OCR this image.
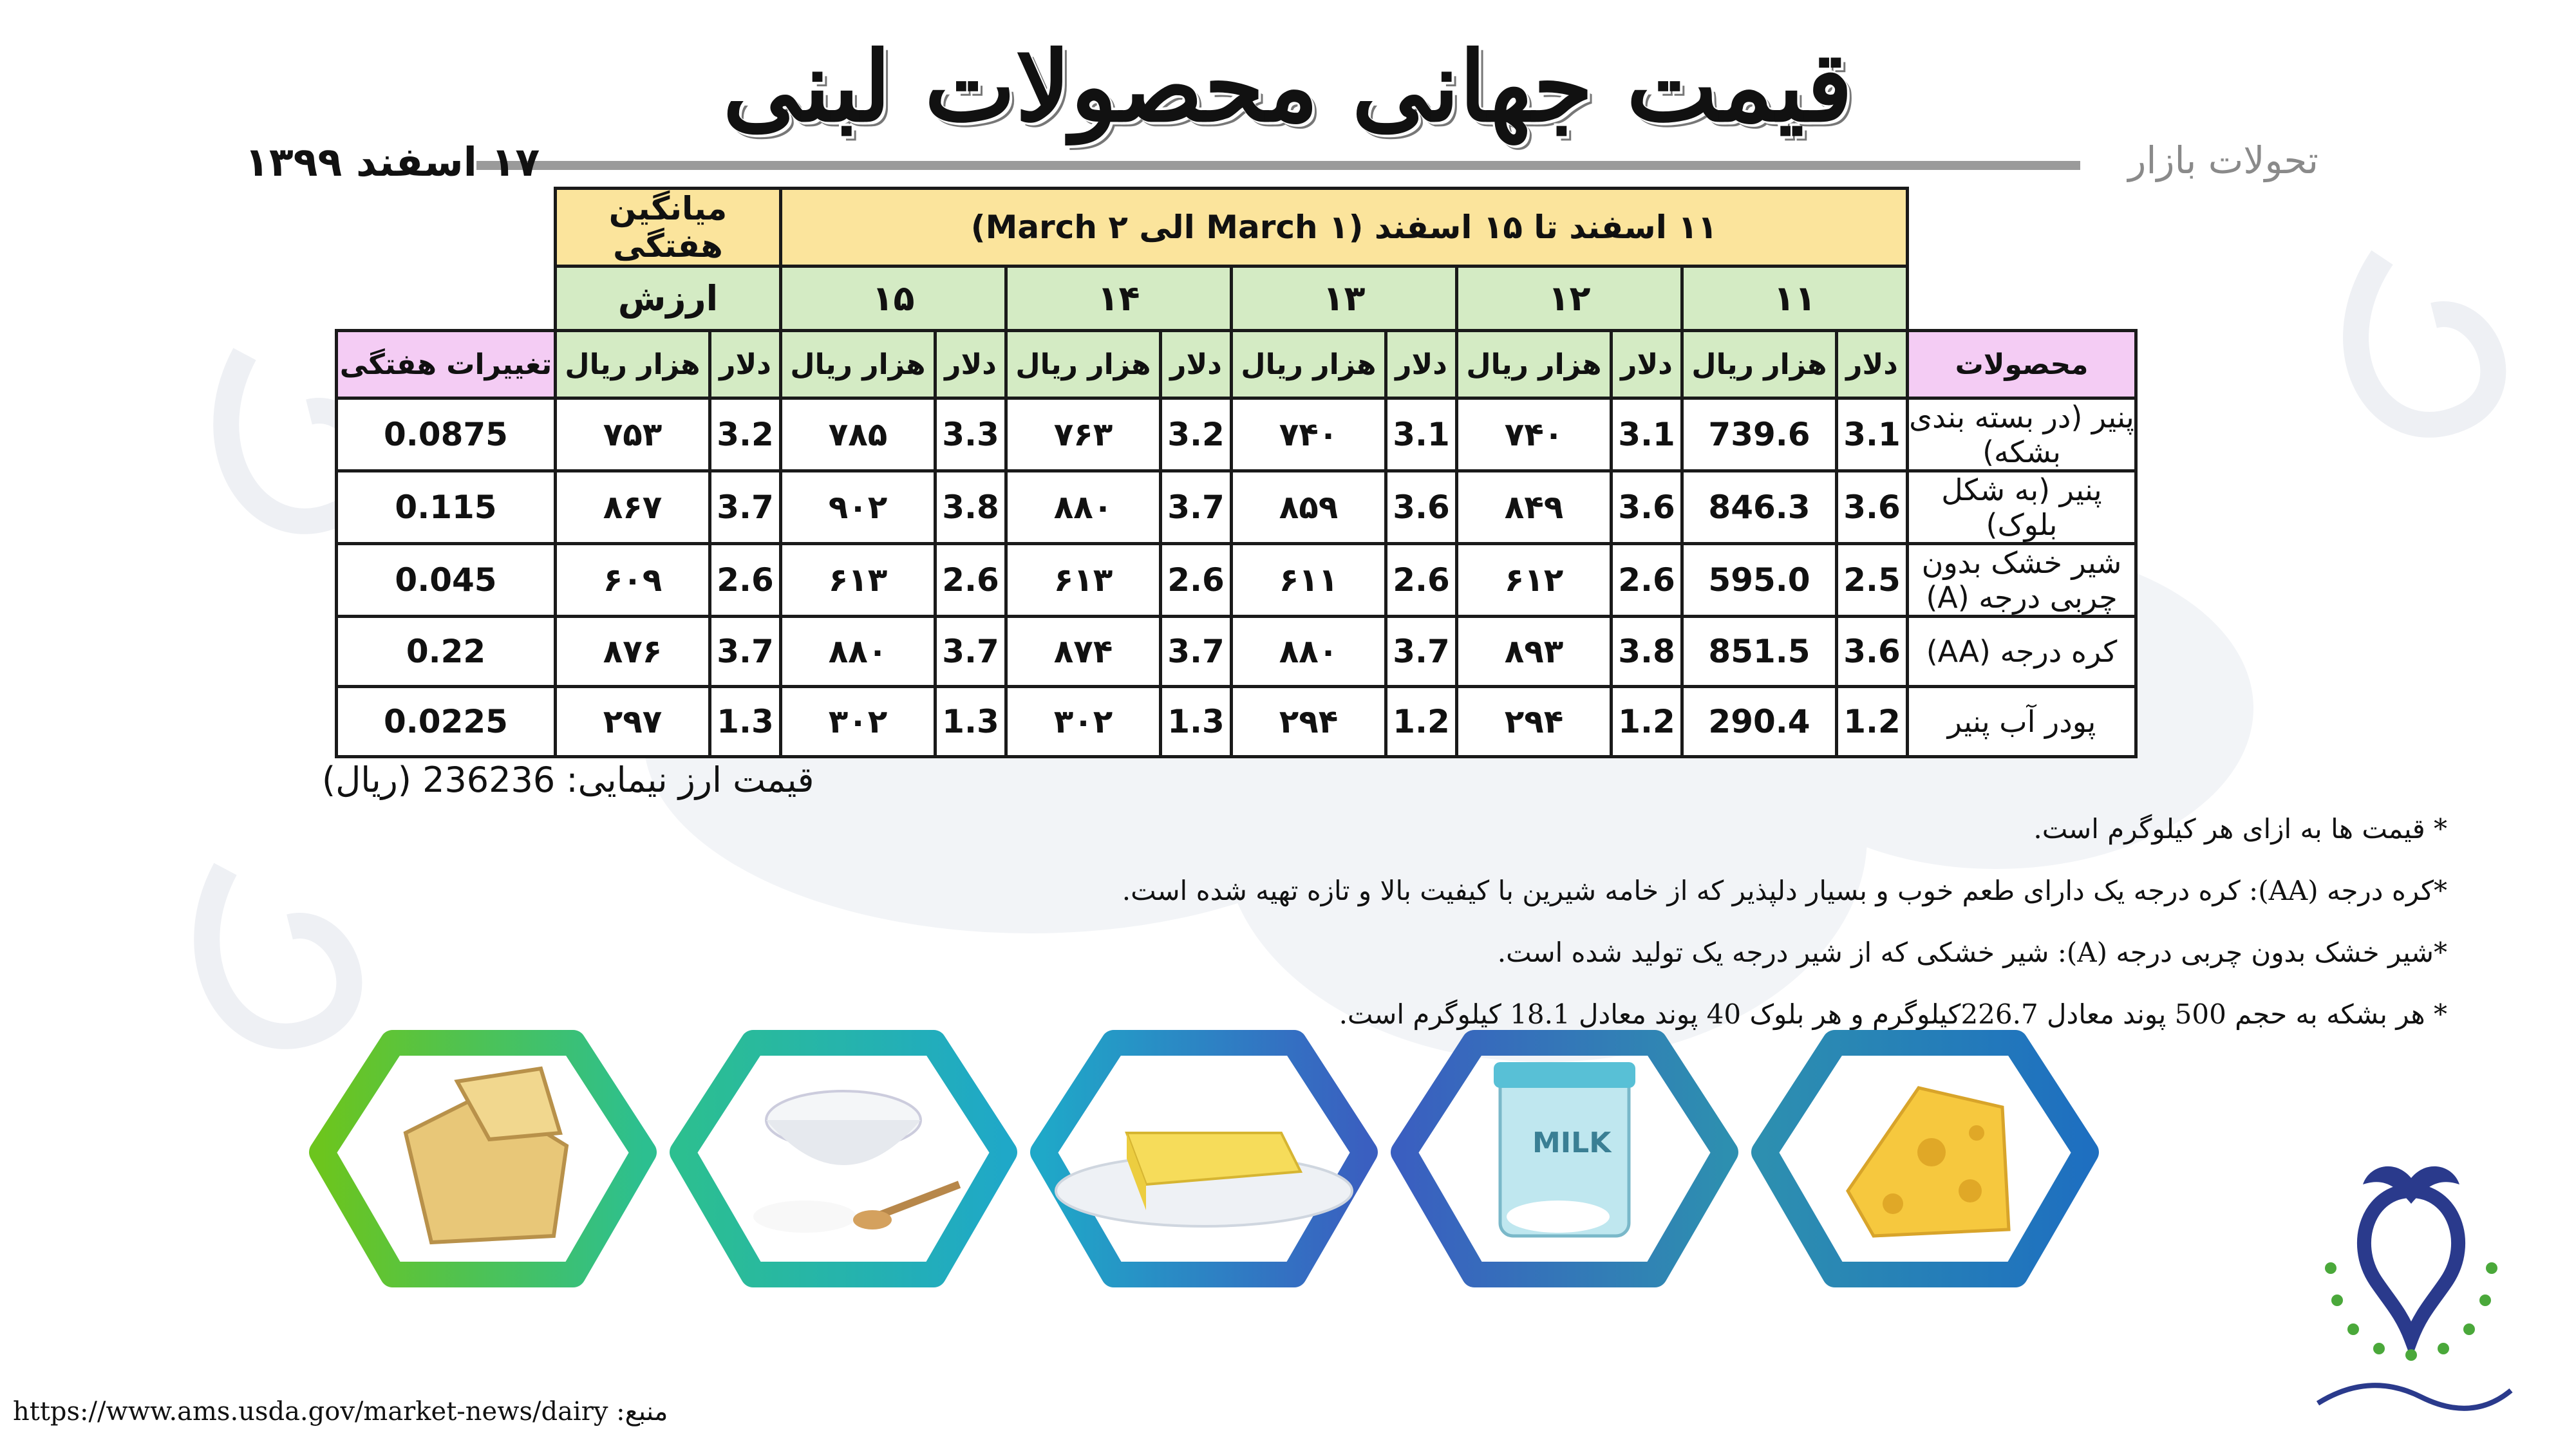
قیمت جهانی محصولات لبنی
تحولات بازار
۱۷ اسفند ۱۳۹۹
	۱۱ اسفند تا ۱۵ اسفند (۱ March الی ۲ March)										میانگین هفتگی		
	۱۱		۱۲		۱۳		۱۴		۱۵		ارزش		
محصولات	دلار	هزار ریال	دلار	هزار ریال	دلار	هزار ریال	دلار	هزار ریال	دلار	هزار ریال	دلار	هزار ریال	تغییرات هفتگی
پنیر (در بسته بندی بشکه)	3.1	739.6	3.1	۷۴۰	3.1	۷۴۰	3.2	۷۶۳	3.3	۷۸۵	3.2	۷۵۳	0.0875
پنیر (به شکل بلوک)	3.6	846.3	3.6	۸۴۹	3.6	۸۵۹	3.7	۸۸۰	3.8	۹۰۲	3.7	۸۶۷	0.115
شیر خشک بدون چربی درجه (A)	2.5	595.0	2.6	۶۱۲	2.6	۶۱۱	2.6	۶۱۳	2.6	۶۱۳	2.6	۶۰۹	0.045
کره درجه (AA)	3.6	851.5	3.8	۸۹۳	3.7	۸۸۰	3.7	۸۷۴	3.7	۸۸۰	3.7	۸۷۶	0.22
پودر آب پنیر	1.2	290.4	1.2	۲۹۴	1.2	۲۹۴	1.3	۳۰۲	1.3	۳۰۲	1.3	۲۹۷	0.0225
قیمت ارز نیمایی: 236236 (ریال)
* قیمت ها به ازای هر کیلوگرم است.
*کره درجه (AA): کره درجه یک دارای طعم خوب و بسیار دلپذیر که از خامه شیرین با کیفیت بالا و تازه تهیه شده است.
*شیر خشک بدون چربی درجه (A): شیر خشکی که از شیر درجه یک تولید شده است.
* هر بشکه به حجم 500 پوند معادل 226.7کیلوگرم و هر بلوک 40 پوند معادل 18.1 کیلوگرم است.
MILK
https://www.ams.usda.gov/market-news/dairy :منبع
